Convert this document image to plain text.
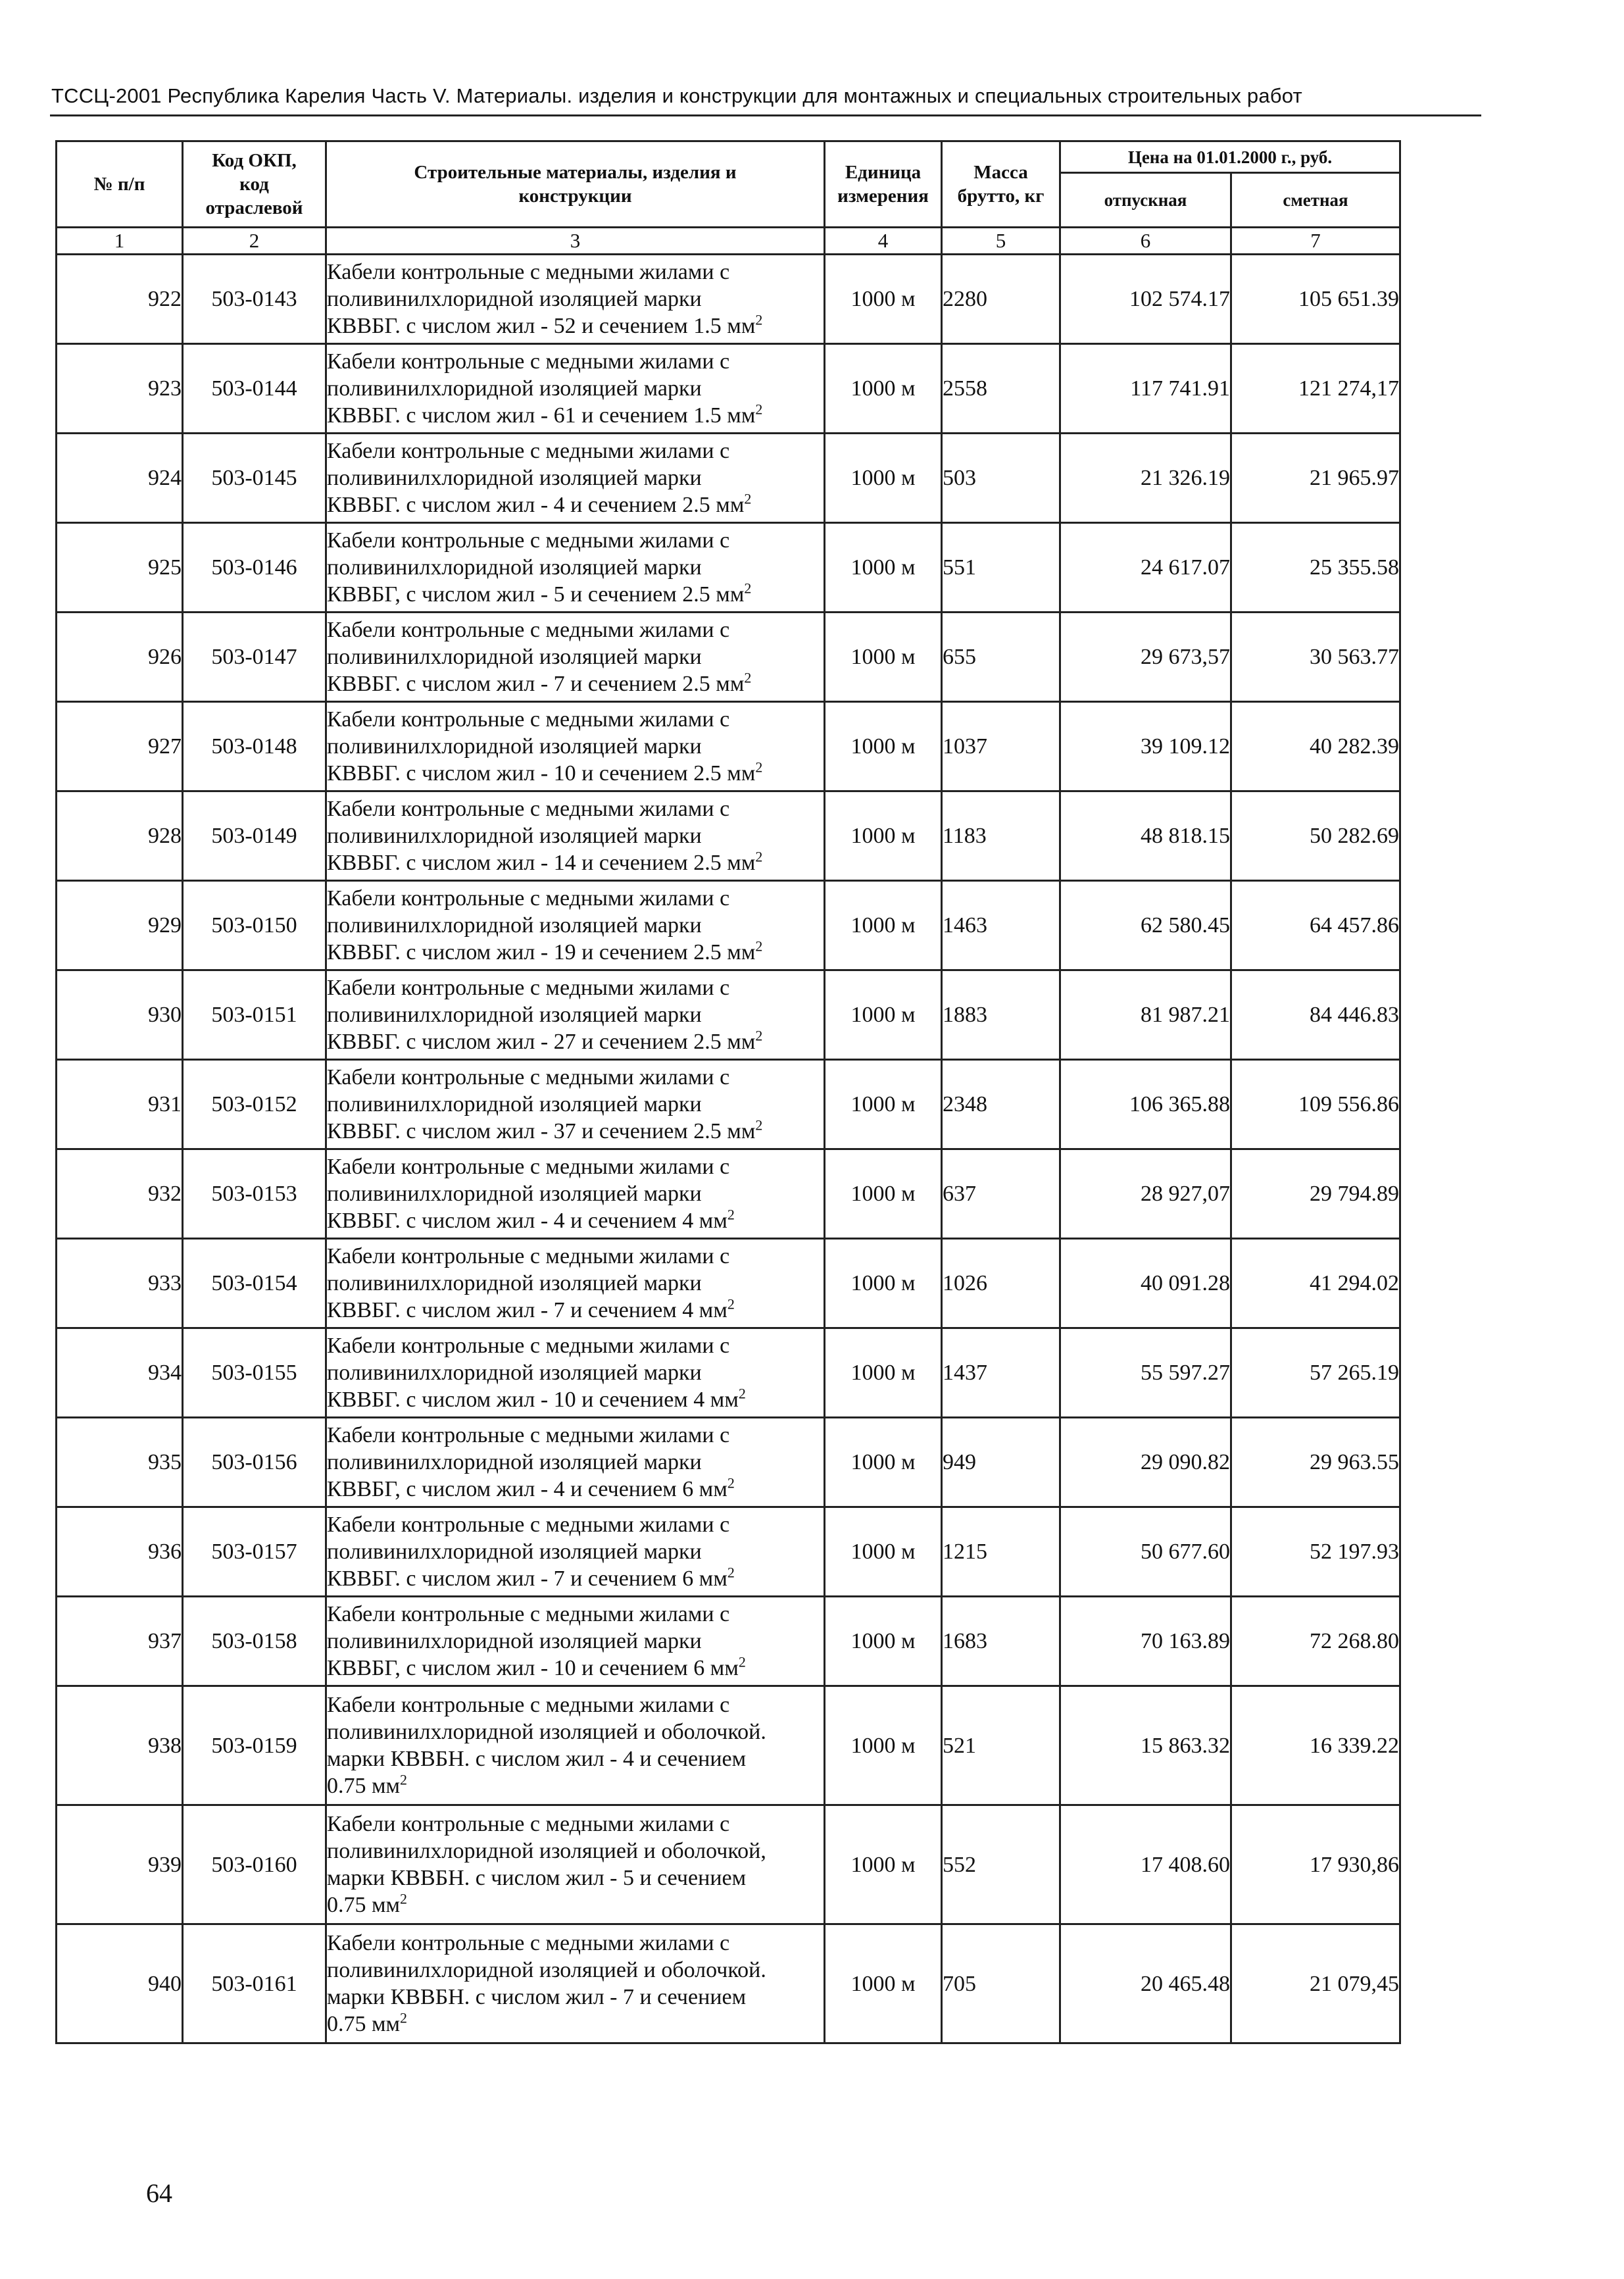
ТССЦ-2001 Республика Карелия Часть V. Материалы. изделия и конструкции для монтажных и специальных строительных работ
№ п/п	Код ОКП,
код
отраслевой	Строительные материалы, изделия и
конструкции	Единица
измерения	Масса
брутто, кг	Цена на 01.01.2000 г., руб.	
					отпускная	сметная
1	2	3	4	5	6	7
922	503-0143	Кабели контрольные с медными жилами с
поливинилхлоридной изоляцией марки
КВВБГ. с числом жил - 52 и сечением 1.5 $мм^2$	1000 м	2280	102 574.17	105 651.39
923	503-0144	Кабели контрольные с медными жилами с
поливинилхлоридной изоляцией марки
КВВБГ. с числом жил - 61 и сечением 1.5 $мм^2$	1000 м	2558	117 741.91	121 274,17
924	503-0145	Кабели контрольные с медными жилами с
поливинилхлоридной изоляцией марки
КВВБГ. с числом жил - 4 и сечением 2.5 $мм^2$	1000 м	503	21 326.19	21 965.97
925	503-0146	Кабели контрольные с медными жилами с
поливинилхлоридной изоляцией марки
КВВБГ, с числом жил - 5 и сечением 2.5 $мм^2$	1000 м	551	24 617.07	25 355.58
926	503-0147	Кабели контрольные с медными жилами с
поливинилхлоридной изоляцией марки
КВВБГ. с числом жил - 7 и сечением 2.5 $мм^2$	1000 м	655	29 673,57	30 563.77
927	503-0148	Кабели контрольные с медными жилами с
поливинилхлоридной изоляцией марки
КВВБГ. с числом жил - 10 и сечением 2.5 $мм^2$	1000 м	1037	39 109.12	40 282.39
928	503-0149	Кабели контрольные с медными жилами с
поливинилхлоридной изоляцией марки
КВВБГ. с числом жил - 14 и сечением 2.5 $мм^2$	1000 м	1183	48 818.15	50 282.69
929	503-0150	Кабели контрольные с медными жилами с
поливинилхлоридной изоляцией марки
КВВБГ. с числом жил - 19 и сечением 2.5 $мм^2$	1000 м	1463	62 580.45	64 457.86
930	503-0151	Кабели контрольные с медными жилами с
поливинилхлоридной изоляцией марки
КВВБГ. с числом жил - 27 и сечением 2.5 $мм^2$	1000 м	1883	81 987.21	84 446.83
931	503-0152	Кабели контрольные с медными жилами с
поливинилхлоридной изоляцией марки
КВВБГ. с числом жил - 37 и сечением 2.5 $мм^2$	1000 м	2348	106 365.88	109 556.86
932	503-0153	Кабели контрольные с медными жилами с
поливинилхлоридной изоляцией марки
КВВБГ. с числом жил - 4 и сечением 4 $мм^2$	1000 м	637	28 927,07	29 794.89
933	503-0154	Кабели контрольные с медными жилами с
поливинилхлоридной изоляцией марки
КВВБГ. с числом жил - 7 и сечением 4 $мм^2$	1000 м	1026	40 091.28	41 294.02
934	503-0155	Кабели контрольные с медными жилами с
поливинилхлоридной изоляцией марки
КВВБГ. с числом жил - 10 и сечением 4 $мм^2$	1000 м	1437	55 597.27	57 265.19
935	503-0156	Кабели контрольные с медными жилами с
поливинилхлоридной изоляцией марки
КВВБГ, с числом жил - 4 и сечением 6 $мм^2$	1000 м	949	29 090.82	29 963.55
936	503-0157	Кабели контрольные с медными жилами с
поливинилхлоридной изоляцией марки
КВВБГ. с числом жил - 7 и сечением 6 $мм^2$	1000 м	1215	50 677.60	52 197.93
937	503-0158	Кабели контрольные с медными жилами с
поливинилхлоридной изоляцией марки
КВВБГ, с числом жил - 10 и сечением 6 $мм^2$	1000 м	1683	70 163.89	72 268.80
938	503-0159	Кабели контрольные с медными жилами с
поливинилхлоридной изоляцией и оболочкой.
марки КВВБН. с числом жил - 4 и сечением
0.75 $мм^2$	1000 м	521	15 863.32	16 339.22
939	503-0160	Кабели контрольные с медными жилами с
поливинилхлоридной изоляцией и оболочкой,
марки КВВБН. с числом жил - 5 и сечением
0.75 $мм^2$	1000 м	552	17 408.60	17 930,86
940	503-0161	Кабели контрольные с медными жилами с
поливинилхлоридной изоляцией и оболочкой.
марки КВВБН. с числом жил - 7 и сечением
0.75 $мм^2$	1000 м	705	20 465.48	21 079,45
64
